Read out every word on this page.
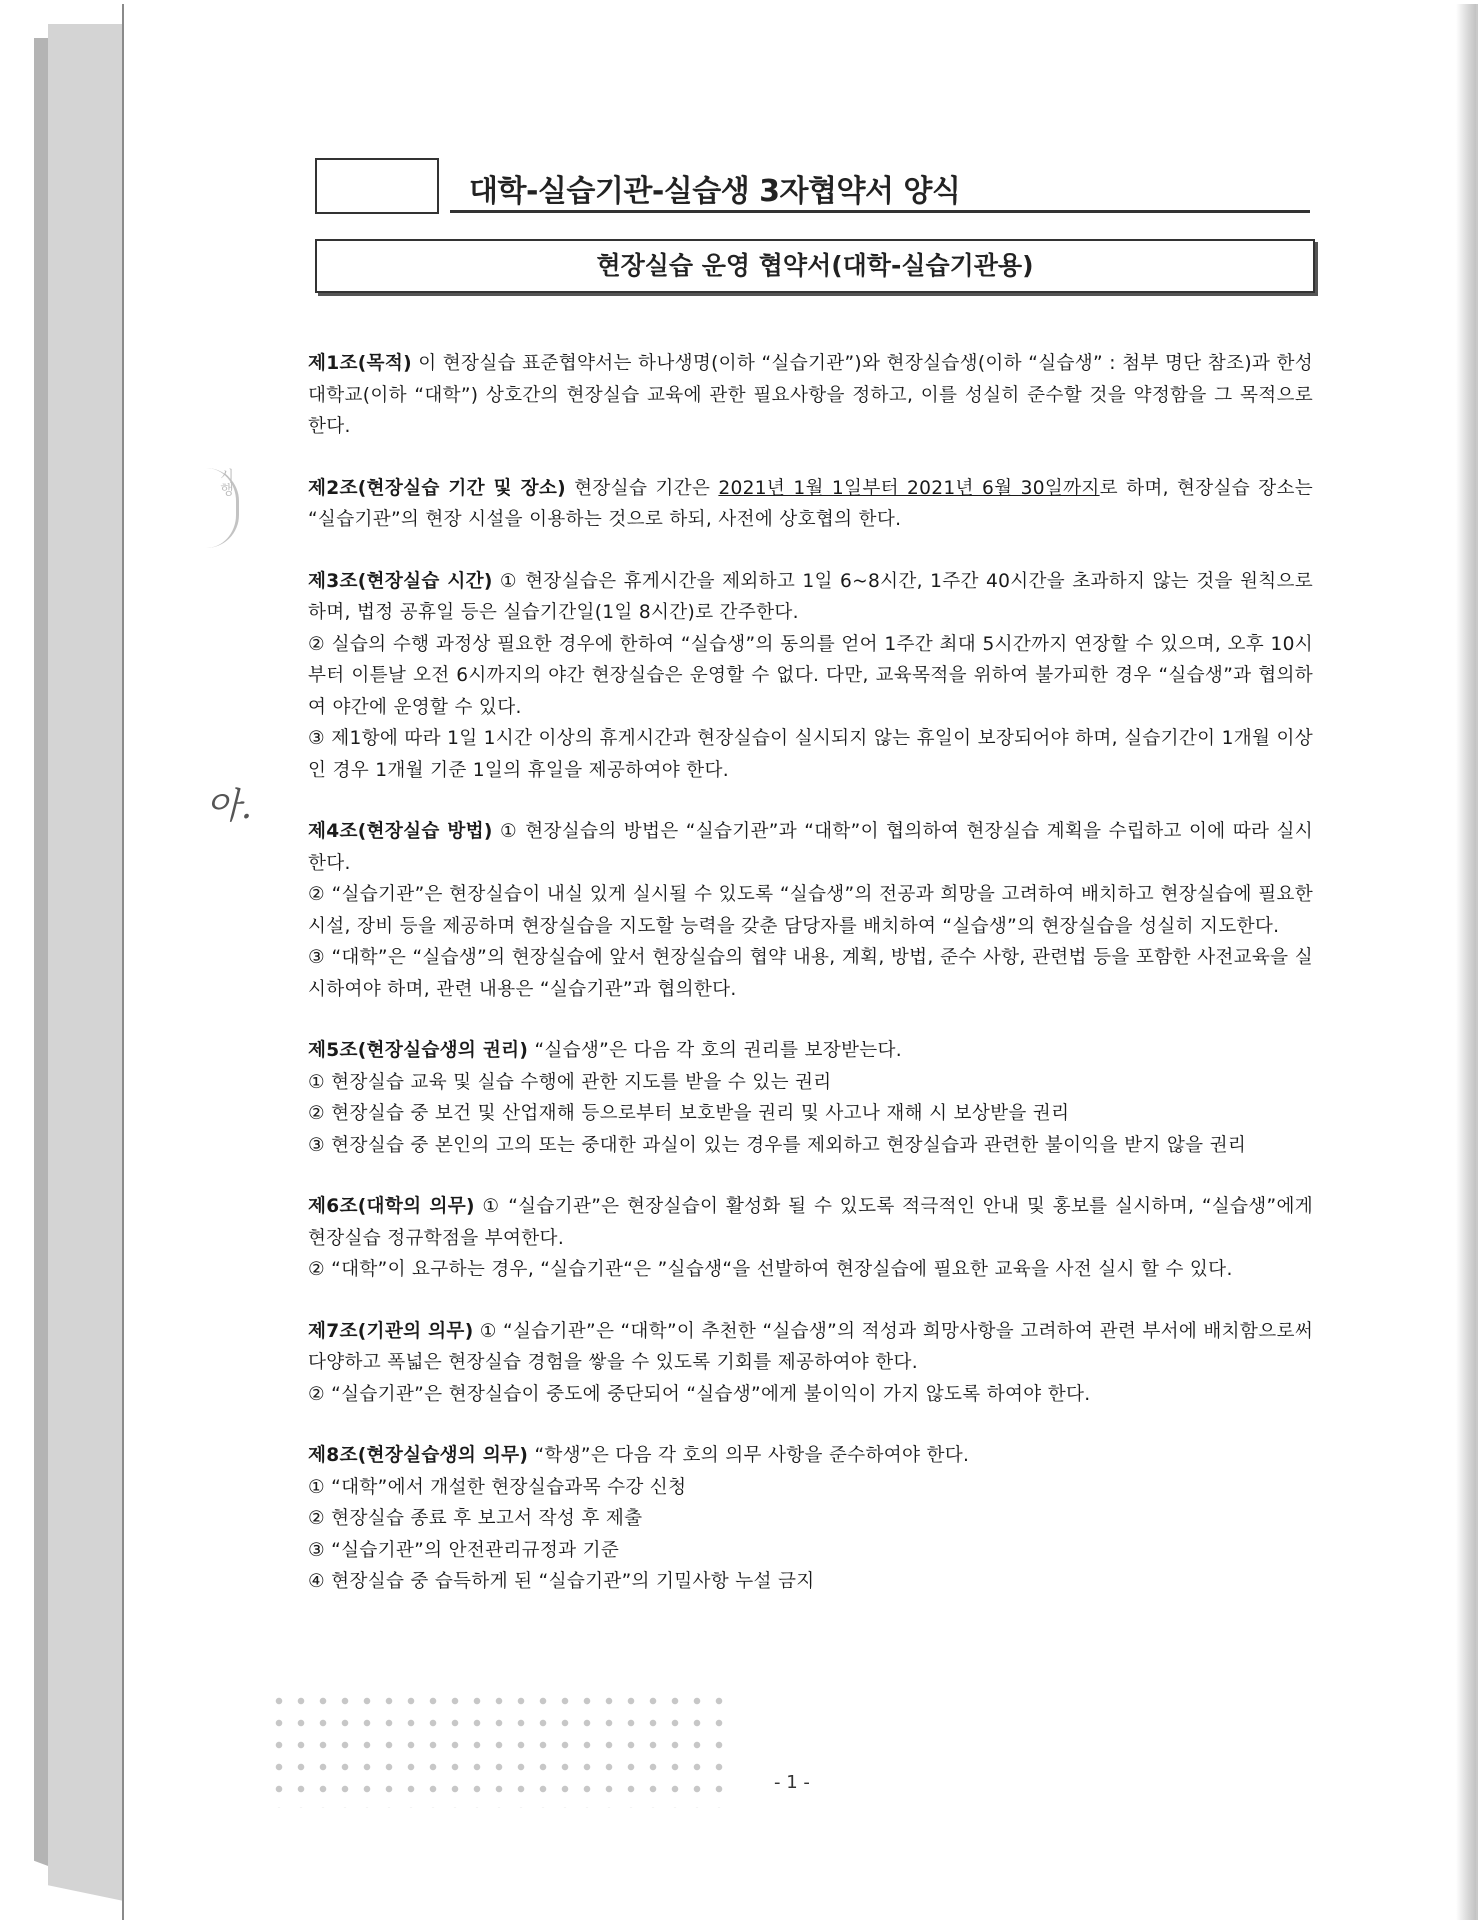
대학-실습기관-실습생 3자협약서 양식
현장실습 운영 협약서(대학-실습기관용)
시행
아.

제1조(목적) 이 현장실습 표준협약서는 하나생명(이하 “실습기관”)와 현장실습생(이하 “실습생” : 첨부 명단 참조)과 한성대학교(이하 “대학”) 상호간의 현장실습 교육에 관한 필요사항을 정하고, 이를 성실히 준수할 것을 약정함을 그 목적으로 한다.

제2조(현장실습 기간 및 장소) 현장실습 기간은 2021년 1월 1일부터 2021년 6월 30일까지로 하며, 현장실습 장소는 “실습기관”의 현장 시설을 이용하는 것으로 하되, 사전에 상호협의 한다.

제3조(현장실습 시간) ① 현장실습은 휴게시간을 제외하고 1일 6~8시간, 1주간 40시간을 초과하지 않는 것을 원칙으로 하며, 법정 공휴일 등은 실습기간일(1일 8시간)로 간주한다.

② 실습의 수행 과정상 필요한 경우에 한하여 “실습생”의 동의를 얻어 1주간 최대 5시간까지 연장할 수 있으며, 오후 10시부터 이튿날 오전 6시까지의 야간 현장실습은 운영할 수 없다. 다만, 교육목적을 위하여 불가피한 경우 “실습생”과 협의하여 야간에 운영할 수 있다.

③ 제1항에 따라 1일 1시간 이상의 휴게시간과 현장실습이 실시되지 않는 휴일이 보장되어야 하며, 실습기간이 1개월 이상인 경우 1개월 기준 1일의 휴일을 제공하여야 한다.

제4조(현장실습 방법) ① 현장실습의 방법은 “실습기관”과 “대학”이 협의하여 현장실습 계획을 수립하고 이에 따라 실시한다.

② “실습기관”은 현장실습이 내실 있게 실시될 수 있도록 “실습생”의 전공과 희망을 고려하여 배치하고 현장실습에 필요한 시설, 장비 등을 제공하며 현장실습을 지도할 능력을 갖춘 담당자를 배치하여 “실습생”의 현장실습을 성실히 지도한다.

③ “대학”은 “실습생”의 현장실습에 앞서 현장실습의 협약 내용, 계획, 방법, 준수 사항, 관련법 등을 포함한 사전교육을 실시하여야 하며, 관련 내용은 “실습기관”과 협의한다.

제5조(현장실습생의 권리) “실습생”은 다음 각 호의 권리를 보장받는다.

① 현장실습 교육 및 실습 수행에 관한 지도를 받을 수 있는 권리

② 현장실습 중 보건 및 산업재해 등으로부터 보호받을 권리 및 사고나 재해 시 보상받을 권리

③ 현장실습 중 본인의 고의 또는 중대한 과실이 있는 경우를 제외하고 현장실습과 관련한 불이익을 받지 않을 권리

제6조(대학의 의무) ① “실습기관”은 현장실습이 활성화 될 수 있도록 적극적인 안내 및 홍보를 실시하며, “실습생”에게 현장실습 정규학점을 부여한다.

② “대학”이 요구하는 경우, “실습기관“은 ”실습생“을 선발하여 현장실습에 필요한 교육을 사전 실시 할 수 있다.

제7조(기관의 의무) ① “실습기관”은 “대학”이 추천한 “실습생”의 적성과 희망사항을 고려하여 관련 부서에 배치함으로써 다양하고 폭넓은 현장실습 경험을 쌓을 수 있도록 기회를 제공하여야 한다.

② “실습기관”은 현장실습이 중도에 중단되어 “실습생”에게 불이익이 가지 않도록 하여야 한다.

제8조(현장실습생의 의무) “학생”은 다음 각 호의 의무 사항을 준수하여야 한다.

① “대학”에서 개설한 현장실습과목 수강 신청

② 현장실습 종료 후 보고서 작성 후 제출

③ “실습기관”의 안전관리규정과 기준

④ 현장실습 중 습득하게 된 “실습기관”의 기밀사항 누설 금지

- 1 -
